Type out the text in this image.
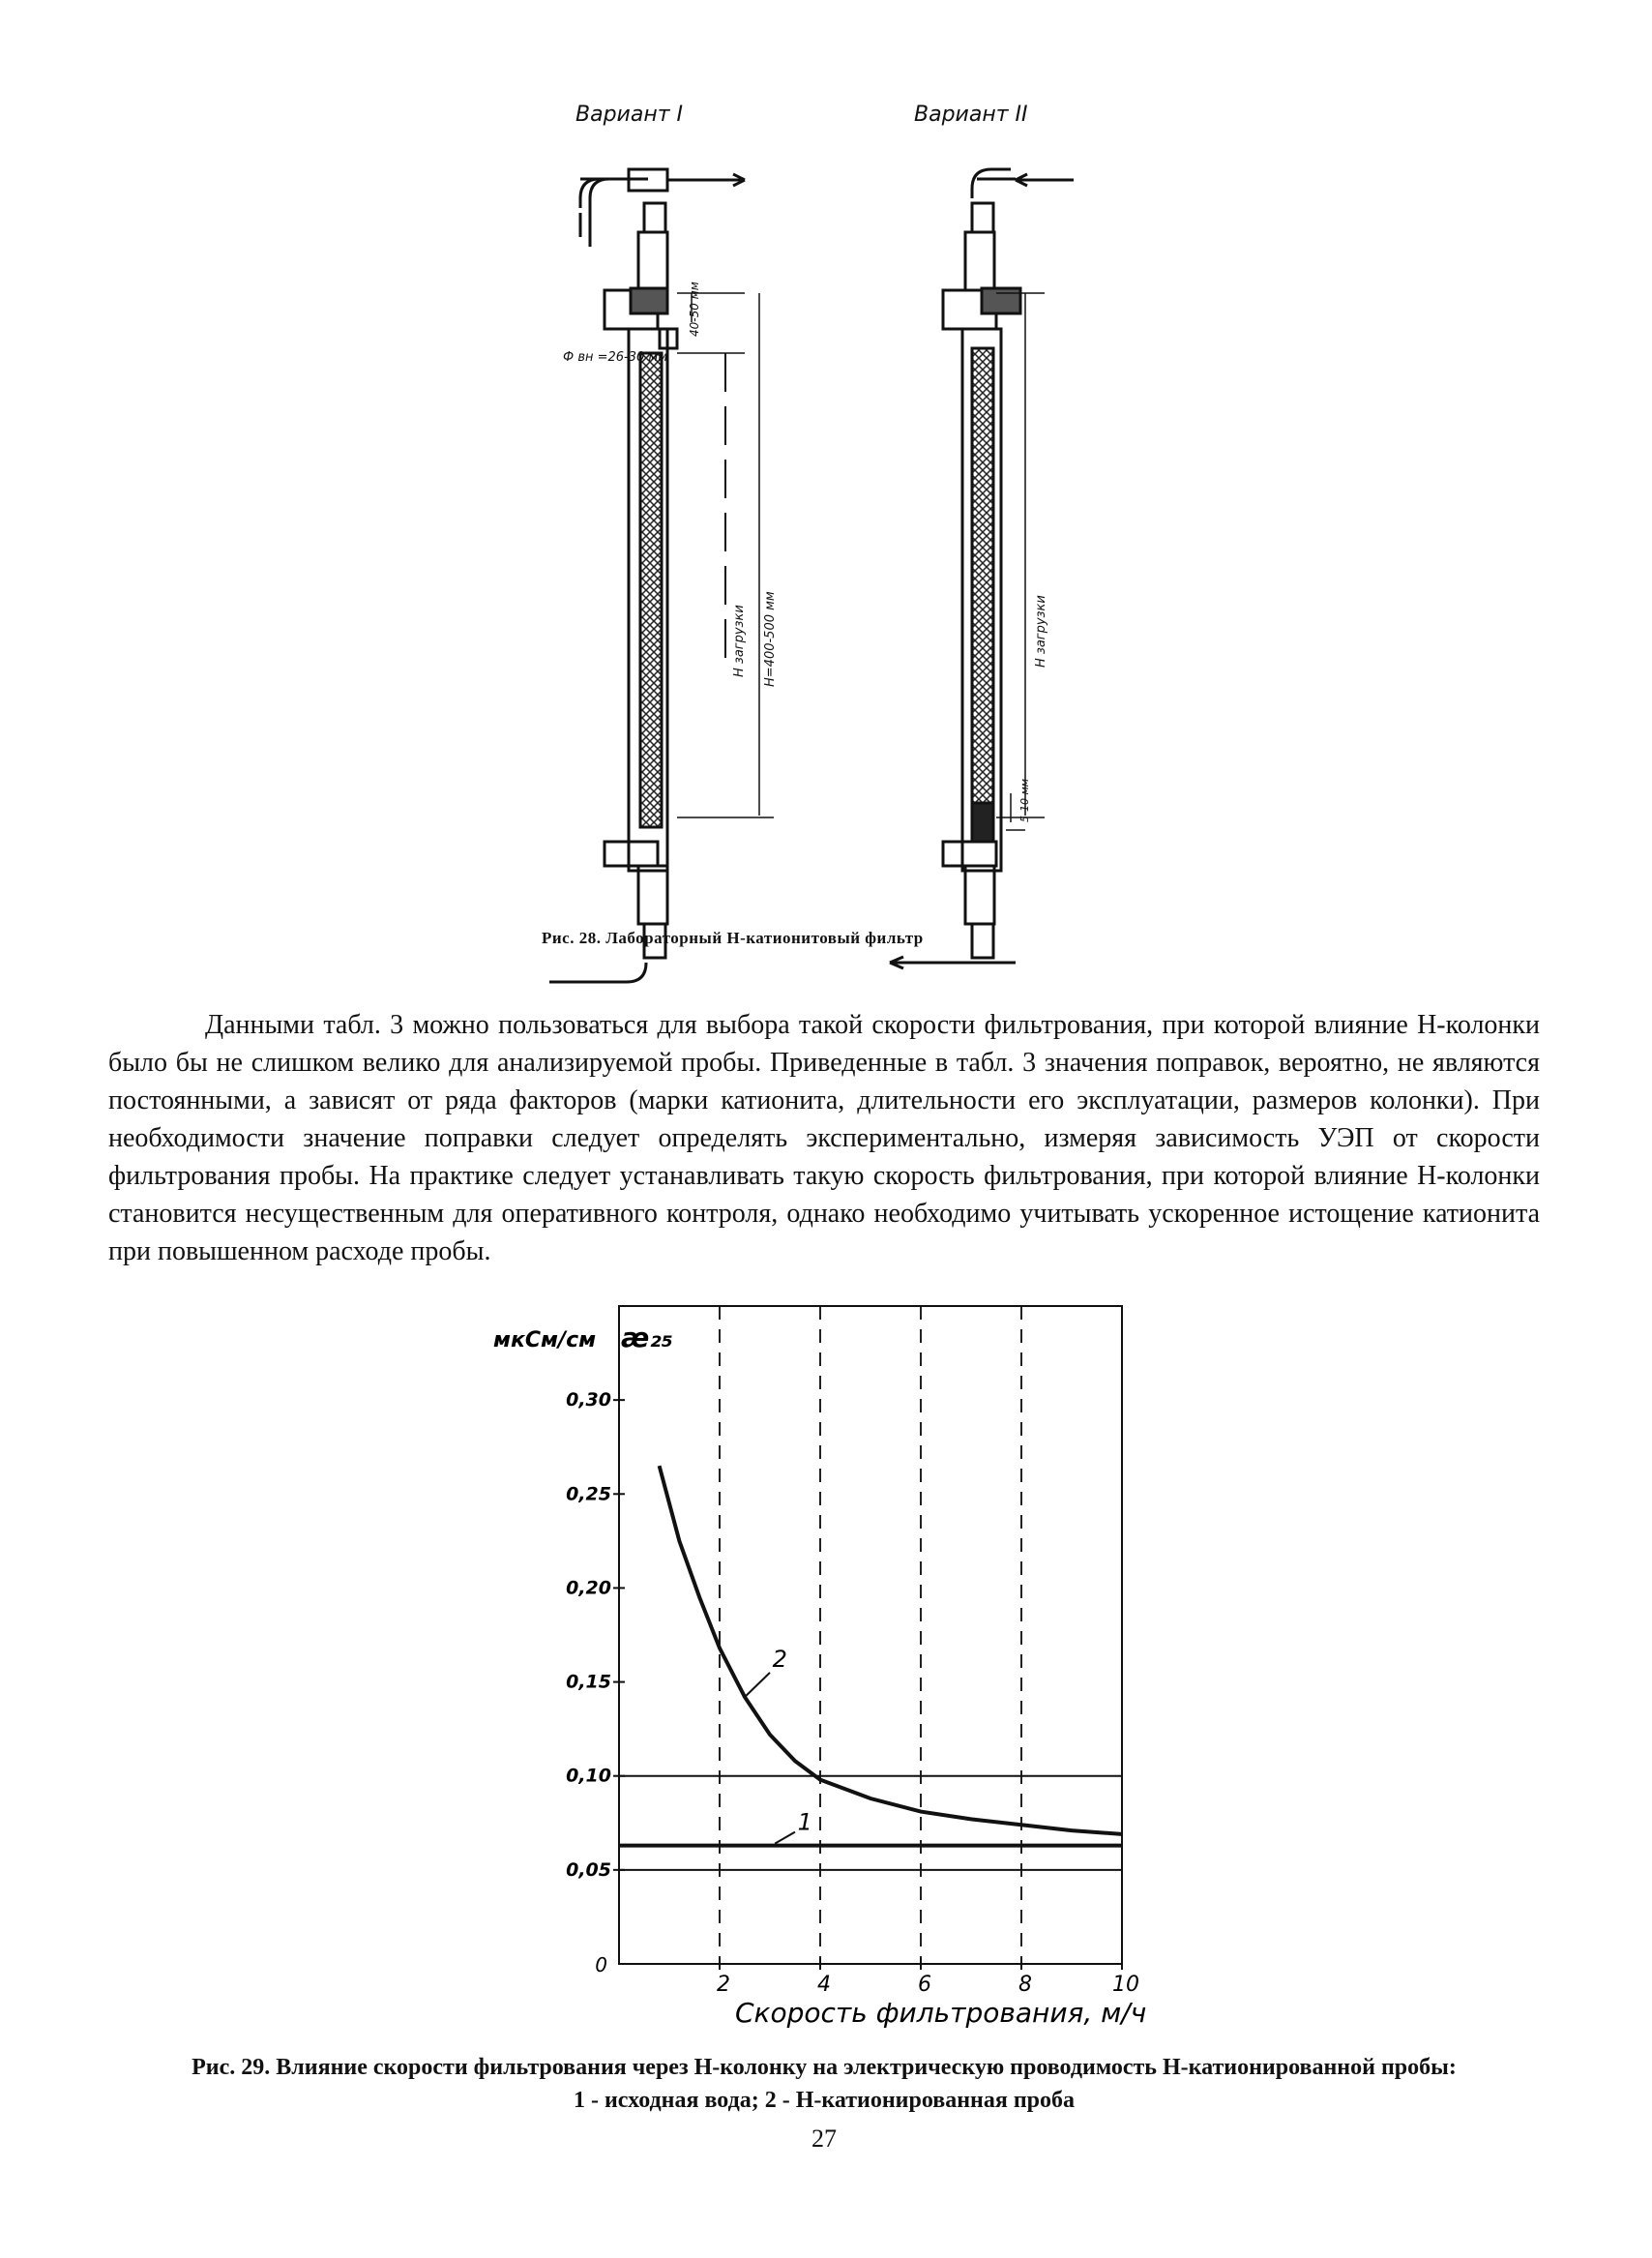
Вариант I
Ф вн =26-30 мм
40-50 мм
Н загрузки Н=400-500 мм
Вариант II
Н загрузки
5-10 мм
Рис. 28. Лабораторный Н-катионитовый фильтр

Данными табл. 3 можно пользоваться для выбора такой скорости фильтрования, при которой влияние Н-колонки было бы не слишком велико для анализируемой пробы. Приведенные в табл. 3 значения поправок, вероятно, не являются постоянными, а зависят от ряда факторов (марки катионита, длительности его эксплуатации, размеров колонки). При необходимости значение поправки следует определять экспериментально, измеряя зависимость УЭП от скорости фильтрования пробы. На практике следует устанавливать такую скорость фильтрования, при которой влияние Н-колонки становится несущественным для оперативного контроля, однако необходимо учитывать ускоренное истощение катионита при повышенном расходе пробы.

0,05
0,10
0,15
0,20
0,25
0,30
0
2	4	6	8	10
1
2
мкСм/см æ₂₅
Скорость фильтрования, м/ч
Рис. 29. Влияние скорости фильтрования через Н-колонку на электрическую проводимость Н-катионированной пробы:
1 - исходная вода; 2 - Н-катионированная проба
27
